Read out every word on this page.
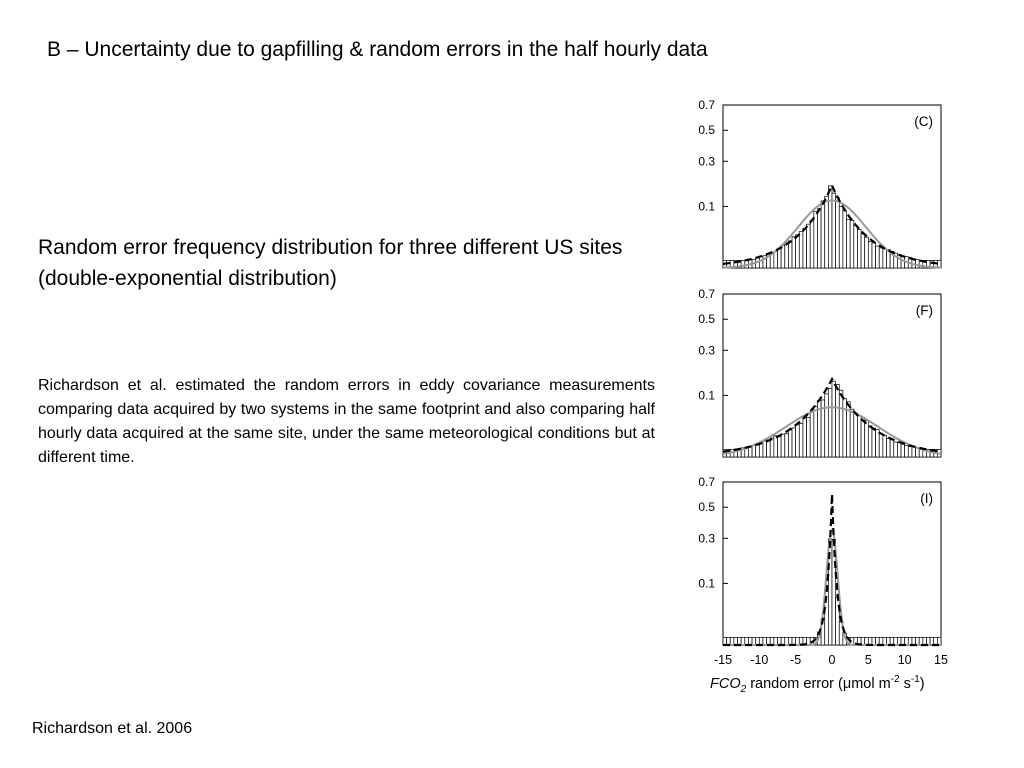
B – Uncertainty due to gapfilling & random errors in the half hourly data
Random error frequency distribution for three different US sites (double-exponential distribution)
Richardson et al. estimated the random errors in eddy covariance measurements comparing data acquired by two systems in the same footprint and also comparing half hourly data acquired at the same site, under the same meteorological conditions but at different time.
Richardson et al. 2006
(C)
0.1
0.3
0.5
0.7
(F)
0.1
0.3
0.5
0.7
(I)
0.1
0.3
0.5
0.7
-15 -10 -5 0 5 10 15
$FCO_2$ random error (μmol $m^{-2}$ $s^{-1}$)
